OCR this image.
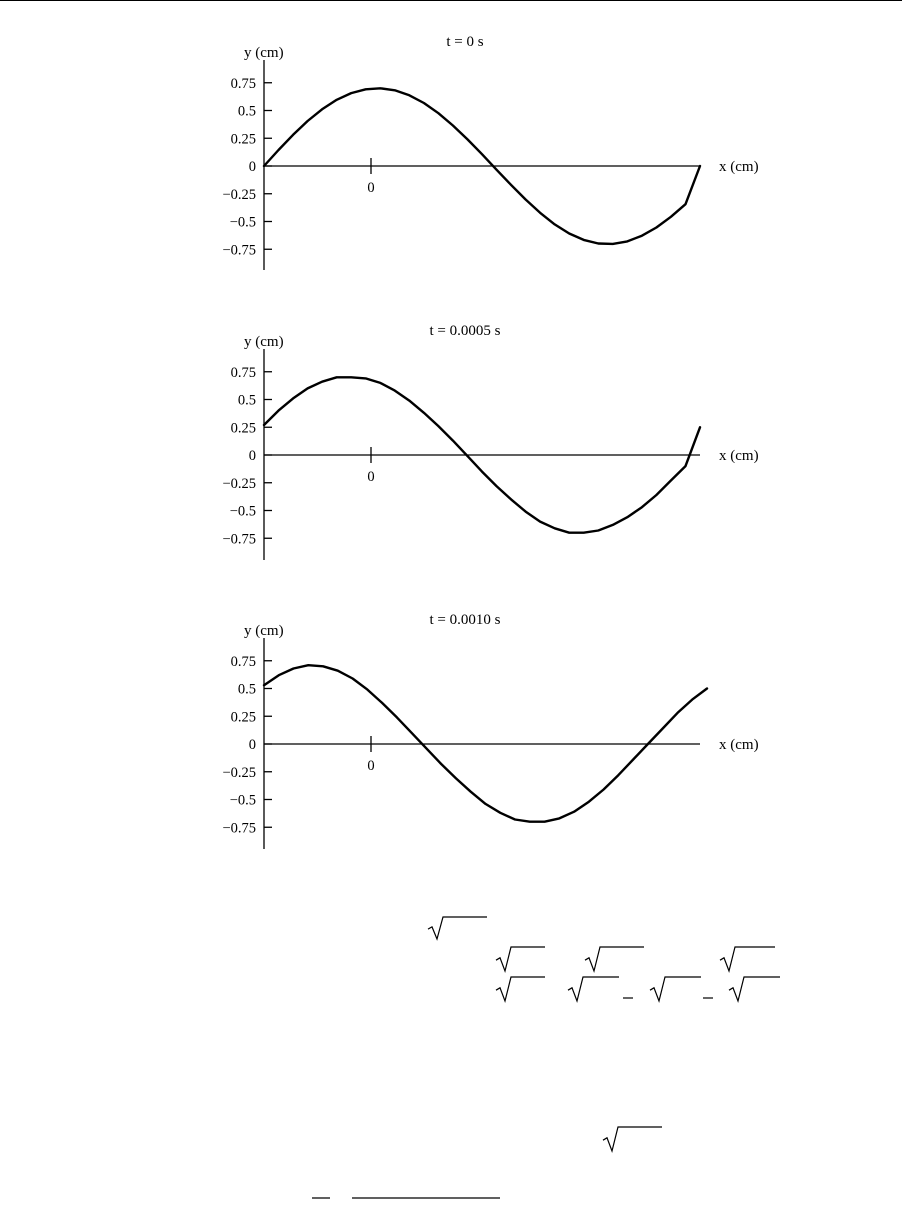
t = 0 s
y (cm)
0.75
0.5
0.25
0
−0.25
−0.5
−0.75
0
x (cm)
t = 0.0005 s
y (cm)
0.75
0.5
0.25
0
−0.25
−0.5
−0.75
0
x (cm)
t = 0.0010 s
y (cm)
0.75
0.5
0.25
0
−0.25
−0.5
−0.75
0
x (cm)
